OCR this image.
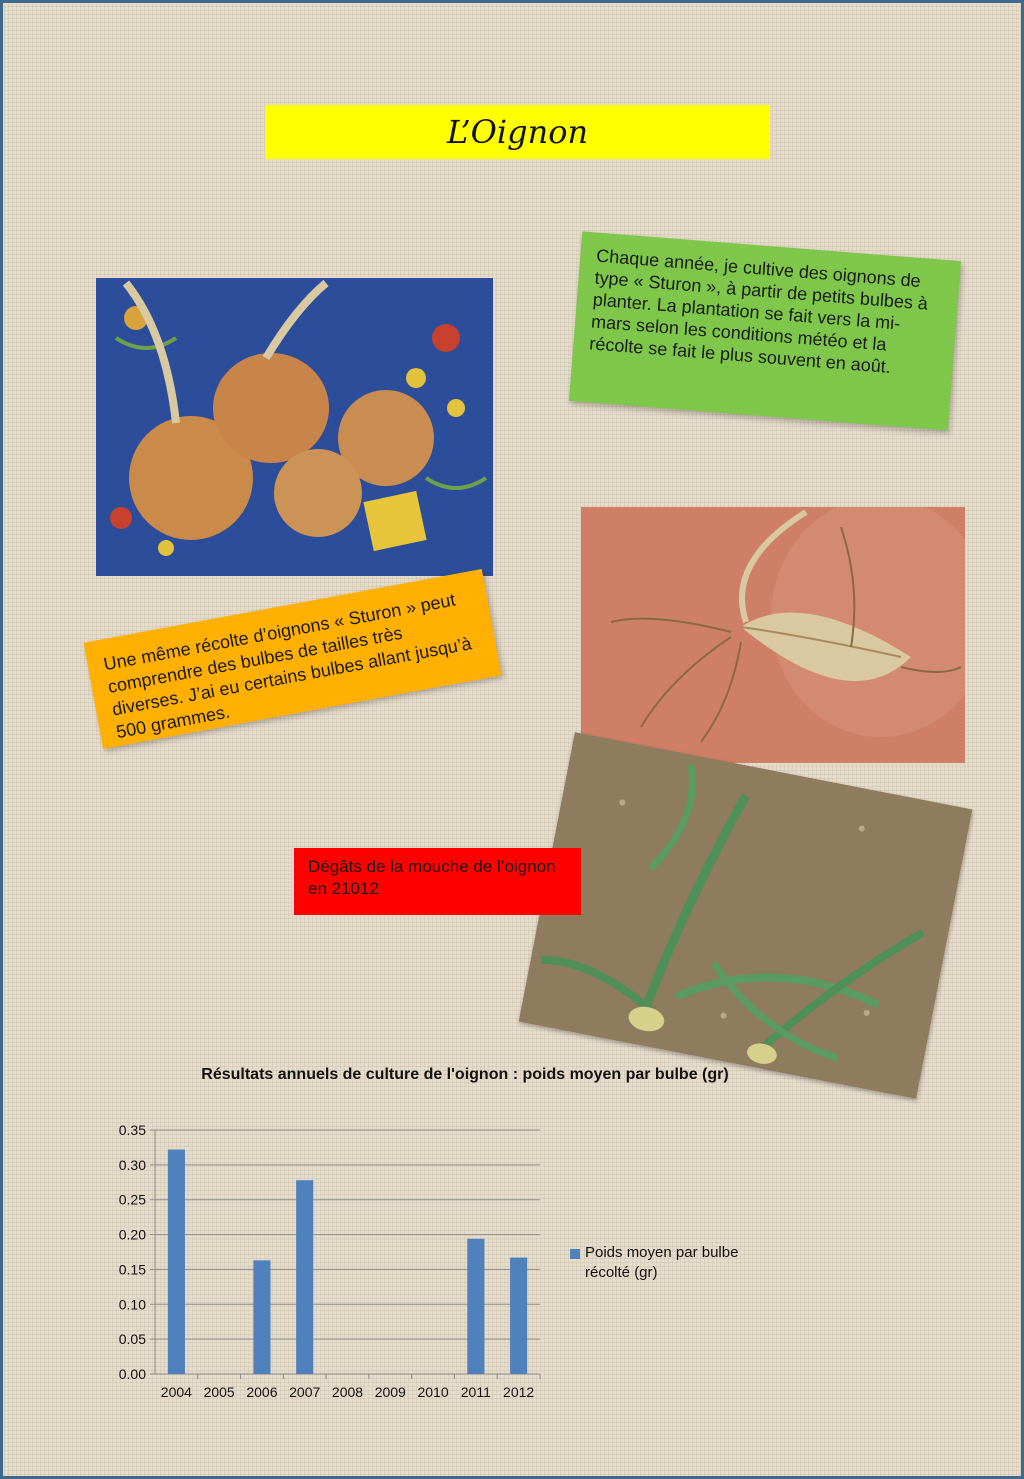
L’Oignon
Chaque année, je cultive des oignons de type « Sturon », à partir de petits bulbes à planter. La plantation se fait vers la mi-mars selon les conditions météo et la récolte se fait le plus souvent en août.
Une même récolte d’oignons « Sturon » peut comprendre des bulbes de tailles très diverses. J’ai eu certains bulbes allant jusqu’à 500 grammes.
Dégâts de la mouche de l’oignon en 21012
Résultats annuels de culture de l'oignon : poids moyen par bulbe (gr)
0.00
0.05
0.10
0.15
0.20
0.25
0.30
0.35
2004 2005 2006 2007 2008 2009 2010 2011 2012
Poids moyen par bulbe récolté (gr)
